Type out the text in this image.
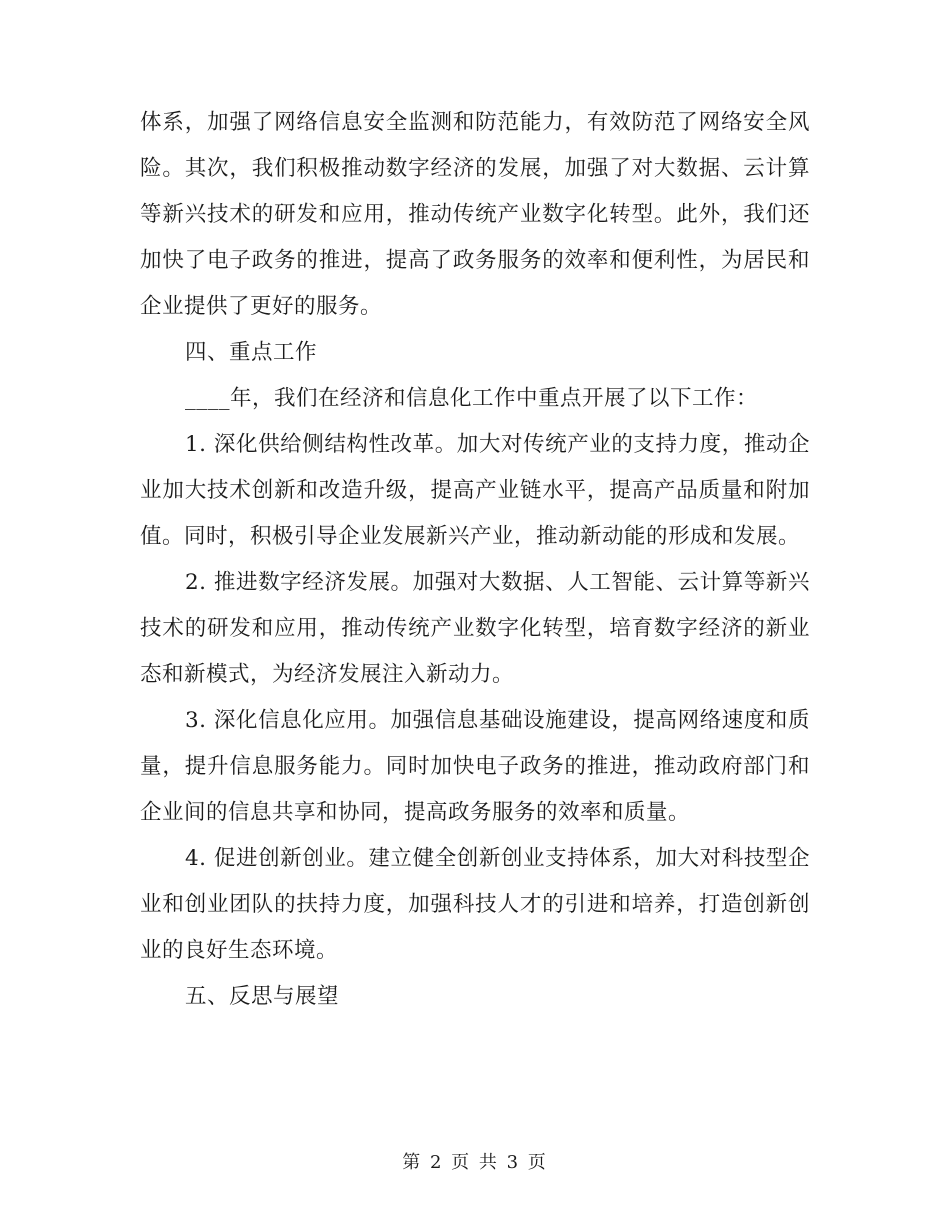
体系，加强了网络信息安全监测和防范能力，有效防范了网络安全风险。其次，我们积极推动数字经济的发展，加强了对大数据、云计算等新兴技术的研发和应用，推动传统产业数字化转型。此外，我们还加快了电子政务的推进，提高了政务服务的效率和便利性，为居民和企业提供了更好的服务。

四、重点工作

____年，我们在经济和信息化工作中重点开展了以下工作：

1. 深化供给侧结构性改革。加大对传统产业的支持力度，推动企业加大技术创新和改造升级，提高产业链水平，提高产品质量和附加值。同时，积极引导企业发展新兴产业，推动新动能的形成和发展。

2. 推进数字经济发展。加强对大数据、人工智能、云计算等新兴技术的研发和应用，推动传统产业数字化转型，培育数字经济的新业态和新模式，为经济发展注入新动力。

3. 深化信息化应用。加强信息基础设施建设，提高网络速度和质量，提升信息服务能力。同时加快电子政务的推进，推动政府部门和企业间的信息共享和协同，提高政务服务的效率和质量。

4. 促进创新创业。建立健全创新创业支持体系，加大对科技型企业和创业团队的扶持力度，加强科技人才的引进和培养，打造创新创业的良好生态环境。

五、反思与展望

第 2 页 共 3 页
